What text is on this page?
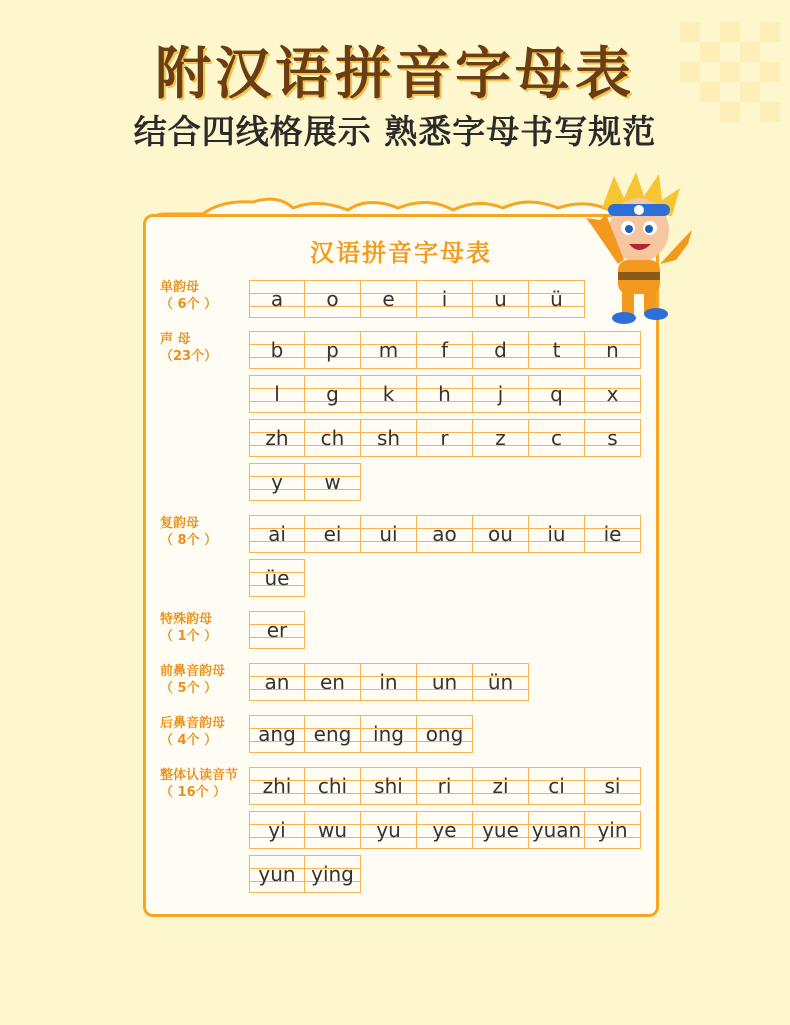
附汉语拼音字母表
结合四线格展示 熟悉字母书写规范
汉语拼音字母表
单韵母
（ 6个 ）	a	o	e	i	u	ü
声 母
（23个）	b	p	m	f	d	t	n
l	g	k	h	j	q	x
zh	ch	sh	r	z	c	s
y	w
复韵母
（ 8个 ）	ai	ei	ui	ao	ou	iu	ie
üe
特殊韵母
（ 1个 ）	er
前鼻音韵母
（ 5个 ）	an	en	in	un	ün
后鼻音韵母
（ 4个 ）	ang eng	ing	ong
整体认读音节
（ 16个 ）	zhi	chi	shi	ri	zi	ci	si
yi	wu	yu	ye	yue yuan yin
yun ying
